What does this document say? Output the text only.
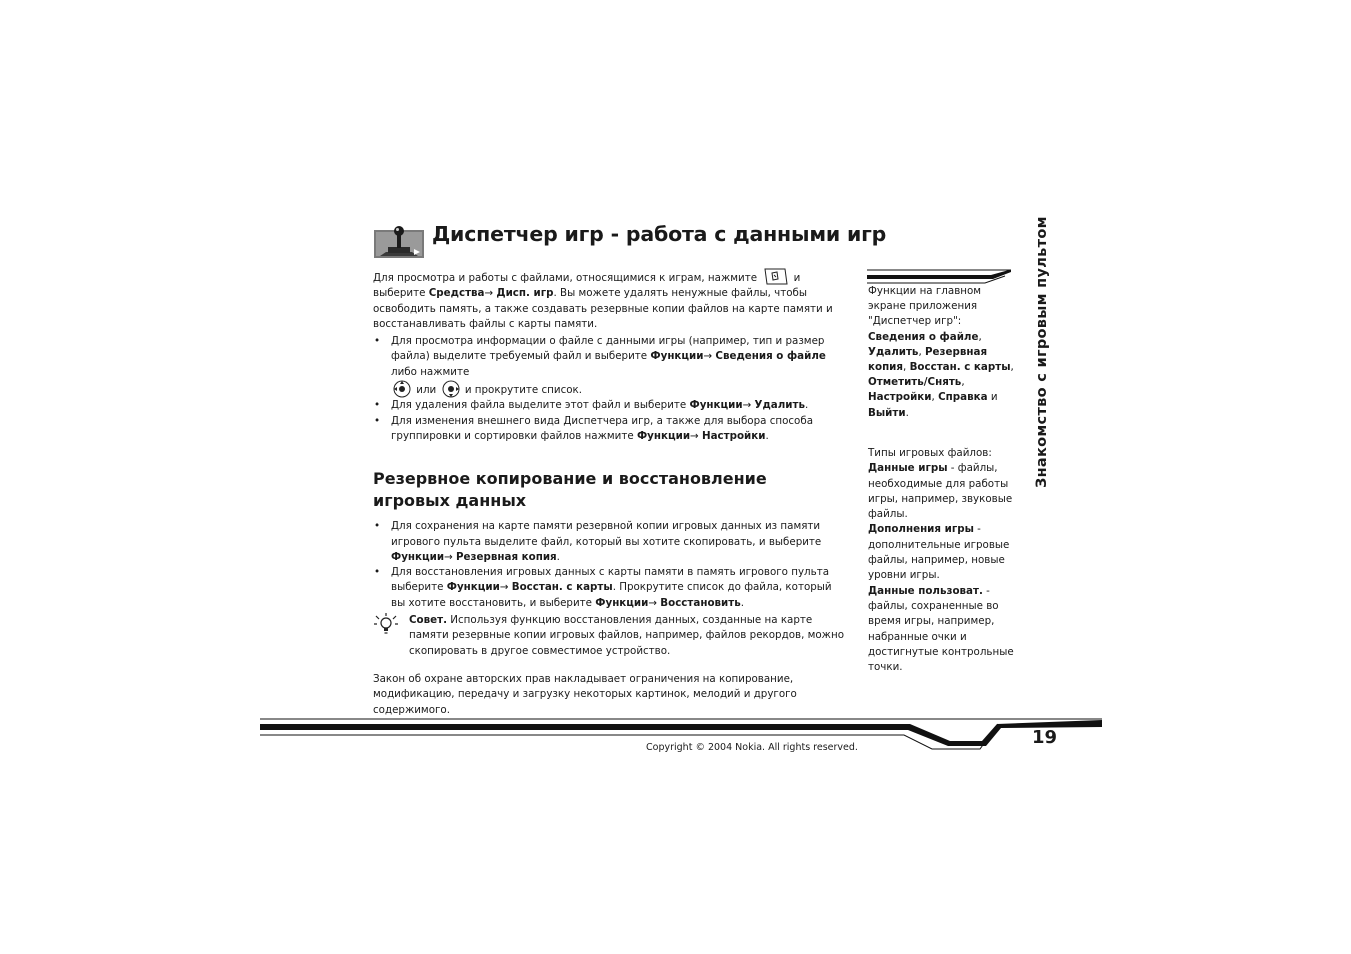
Диспетчер игр - работа с данными игр

Для просмотра и работы с файлами, относящимися к играм, нажмите	и выберите Средства→ Дисп. игр. Вы можете удалять ненужные файлы, чтобы освободить память, а также создавать резервные копии файлов на карте памяти и восстанавливать файлы с карты памяти.

• Для просмотра информации о файле с данными игры (например, тип и размер файла) выделите требуемый файл и выберите Функции→ Сведения о файле либо нажмите
или	и прокрутите список.
• Для удаления файла выделите этот файл и выберите Функции→ Удалить.
• Для изменения внешнего вида Диспетчера игр, а также для выбора способа группировки и сортировки файлов нажмите Функции→ Настройки.

Резервное копирование и восстановление игровых данных

• Для сохранения на карте памяти резервной копии игровых данных из памяти игрового пульта выделите файл, который вы хотите скопировать, и выберите Функции→ Резервная копия.
• Для восстановления игровых данных с карты памяти в память игрового пульта выберите Функции→ Восстан. с карты. Прокрутите список до файла, который вы хотите восстановить, и выберите Функции→ Восстановить.
Совет. Используя функцию восстановления данных, созданные на карте памяти резервные копии игровых файлов, например, файлов рекордов, можно скопировать в другое совместимое устройство.

Закон об охране авторских прав накладывает ограничения на копирование, модификацию, передачу и загрузку некоторых картинок, мелодий и другого содержимого.

Функции на главном экране приложения "Диспетчер игр":
Сведения о файле,
Удалить, Резервная копия, Восстан. с карты,
Отметить/Снять,
Настройки, Справка и
Выйти.
Типы игровых файлов:
Данные игры - файлы, необходимые для работы игры, например, звуковые файлы.
Дополнения игры - дополнительные игровые файлы, например, новые уровни игры.
Данные пользоват. - файлы, сохраненные во время игры, например, набранные очки и достигнутые контрольные точки.
Знакомство с игровым пультом
19
Copyright © 2004 Nokia. All rights reserved.
